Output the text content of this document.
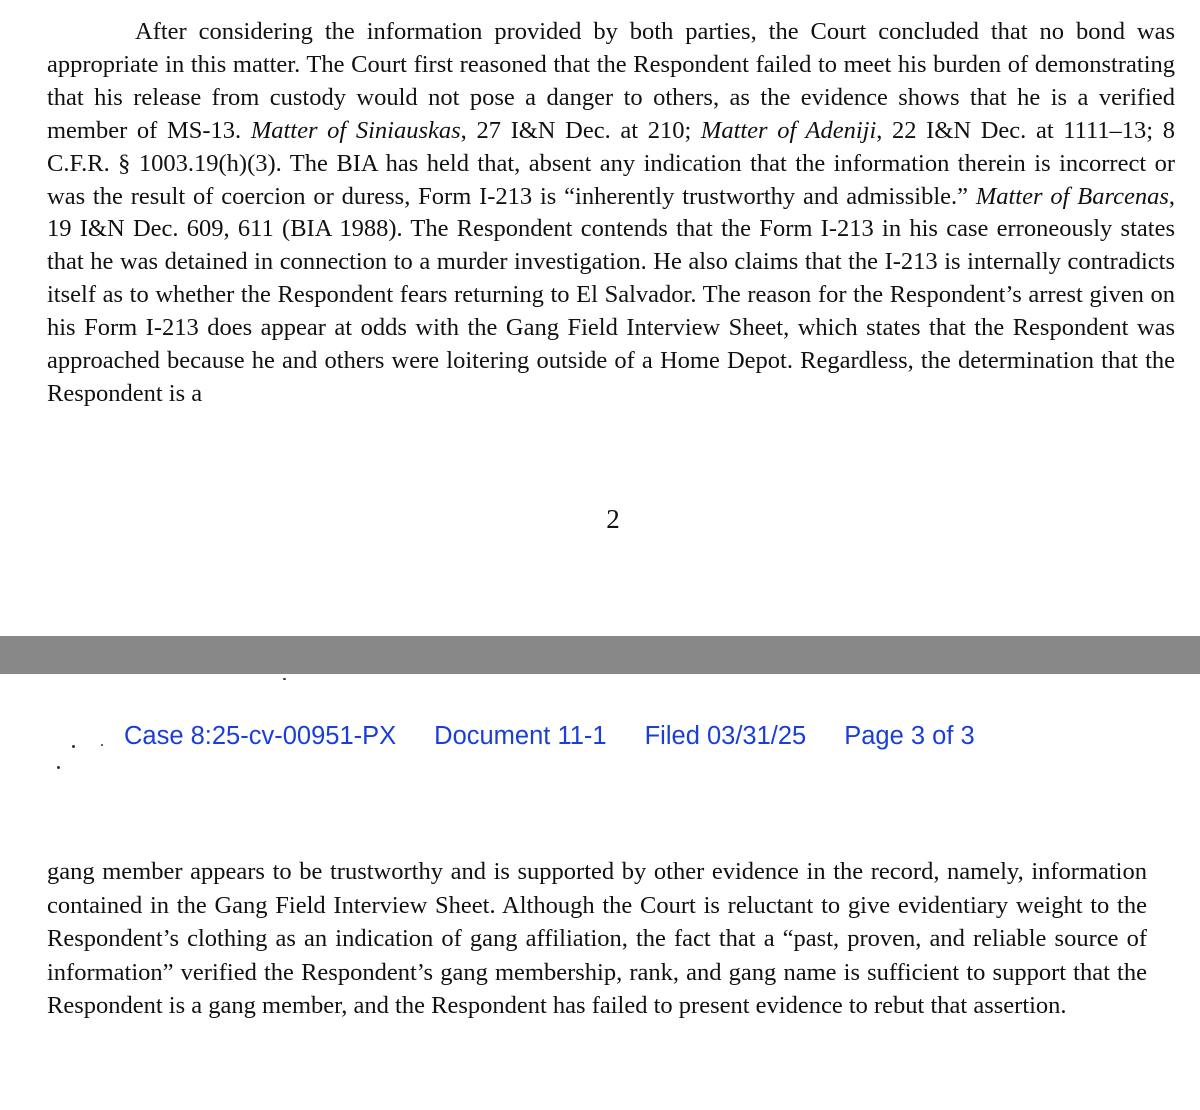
After considering the information provided by both parties, the Court concluded that no bond was appropriate in this matter. The Court first reasoned that the Respondent failed to meet his burden of demonstrating that his release from custody would not pose a danger to others, as the evidence shows that he is a verified member of MS-13. Matter of Siniauskas, 27 I&N Dec. at 210; Matter of Adeniji, 22 I&N Dec. at 1111–13; 8 C.F.R. § 1003.19(h)(3). The BIA has held that, absent any indication that the information therein is incorrect or was the result of coercion or duress, Form I-213 is “inherently trustworthy and admissible.” Matter of Barcenas, 19 I&N Dec. 609, 611 (BIA 1988). The Respondent contends that the Form I-213 in his case erroneously states that he was detained in connection to a murder investigation. He also claims that the I-213 is internally contradicts itself as to whether the Respondent fears returning to El Salvador. The reason for the Respondent’s arrest given on his Form I-213 does appear at odds with the Gang Field Interview Sheet, which states that the Respondent was approached because he and others were loitering outside of a Home Depot. Regardless, the determination that the Respondent is a

2
Case 8:25-cv-00951-PX Document 11-1 Filed 03/31/25 Page 3 of 3

gang member appears to be trustworthy and is supported by other evidence in the record, namely, information contained in the Gang Field Interview Sheet. Although the Court is reluctant to give evidentiary weight to the Respondent’s clothing as an indication of gang affiliation, the fact that a “past, proven, and reliable source of information” verified the Respondent’s gang membership, rank, and gang name is sufficient to support that the Respondent is a gang member, and the Respondent has failed to present evidence to rebut that assertion.
